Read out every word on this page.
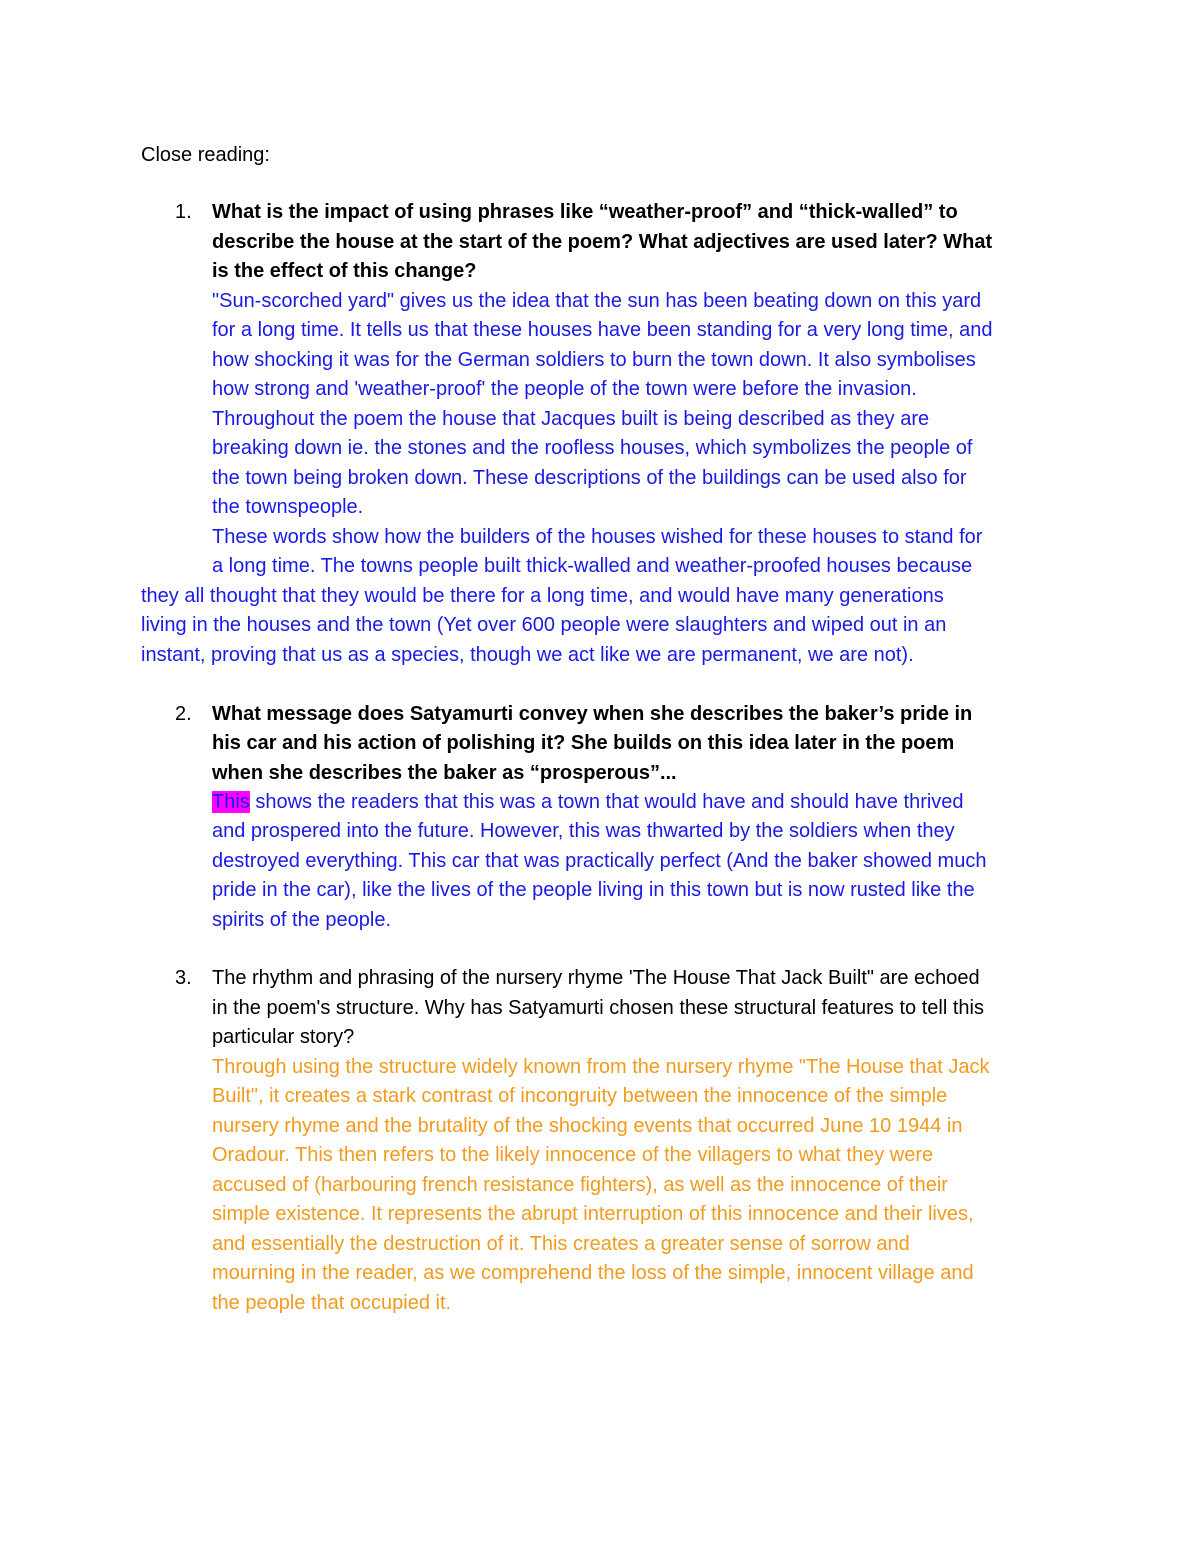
Close reading:
1. What is the impact of using phrases like “weather-proof” and “thick-walled” to
describe the house at the start of the poem? What adjectives are used later? What
is the effect of this change?
"Sun-scorched yard" gives us the idea that the sun has been beating down on this yard
for a long time. It tells us that these houses have been standing for a very long time, and
how shocking it was for the German soldiers to burn the town down. It also symbolises
how strong and 'weather-proof' the people of the town were before the invasion.
Throughout the poem the house that Jacques built is being described as they are
breaking down ie. the stones and the roofless houses, which symbolizes the people of
the town being broken down. These descriptions of the buildings can be used also for
the townspeople.
These words show how the builders of the houses wished for these houses to stand for
a long time. The towns people built thick-walled and weather-proofed houses because
they all thought that they would be there for a long time, and would have many generations
living in the houses and the town (Yet over 600 people were slaughters and wiped out in an
instant, proving that us as a species, though we act like we are permanent, we are not).
2. What message does Satyamurti convey when she describes the baker’s pride in
his car and his action of polishing it? She builds on this idea later in the poem
when she describes the baker as “prosperous”...
This shows the readers that this was a town that would have and should have thrived
and prospered into the future. However, this was thwarted by the soldiers when they
destroyed everything. This car that was practically perfect (And the baker showed much
pride in the car), like the lives of the people living in this town but is now rusted like the
spirits of the people.
3. The rhythm and phrasing of the nursery rhyme 'The House That Jack Built" are echoed
in the poem's structure. Why has Satyamurti chosen these structural features to tell this
particular story?
Through using the structure widely known from the nursery rhyme "The House that Jack
Built", it creates a stark contrast of incongruity between the innocence of the simple
nursery rhyme and the brutality of the shocking events that occurred June 10 1944 in
Oradour. This then refers to the likely innocence of the villagers to what they were
accused of (harbouring french resistance fighters), as well as the innocence of their
simple existence. It represents the abrupt interruption of this innocence and their lives,
and essentially the destruction of it. This creates a greater sense of sorrow and
mourning in the reader, as we comprehend the loss of the simple, innocent village and
the people that occupied it.
